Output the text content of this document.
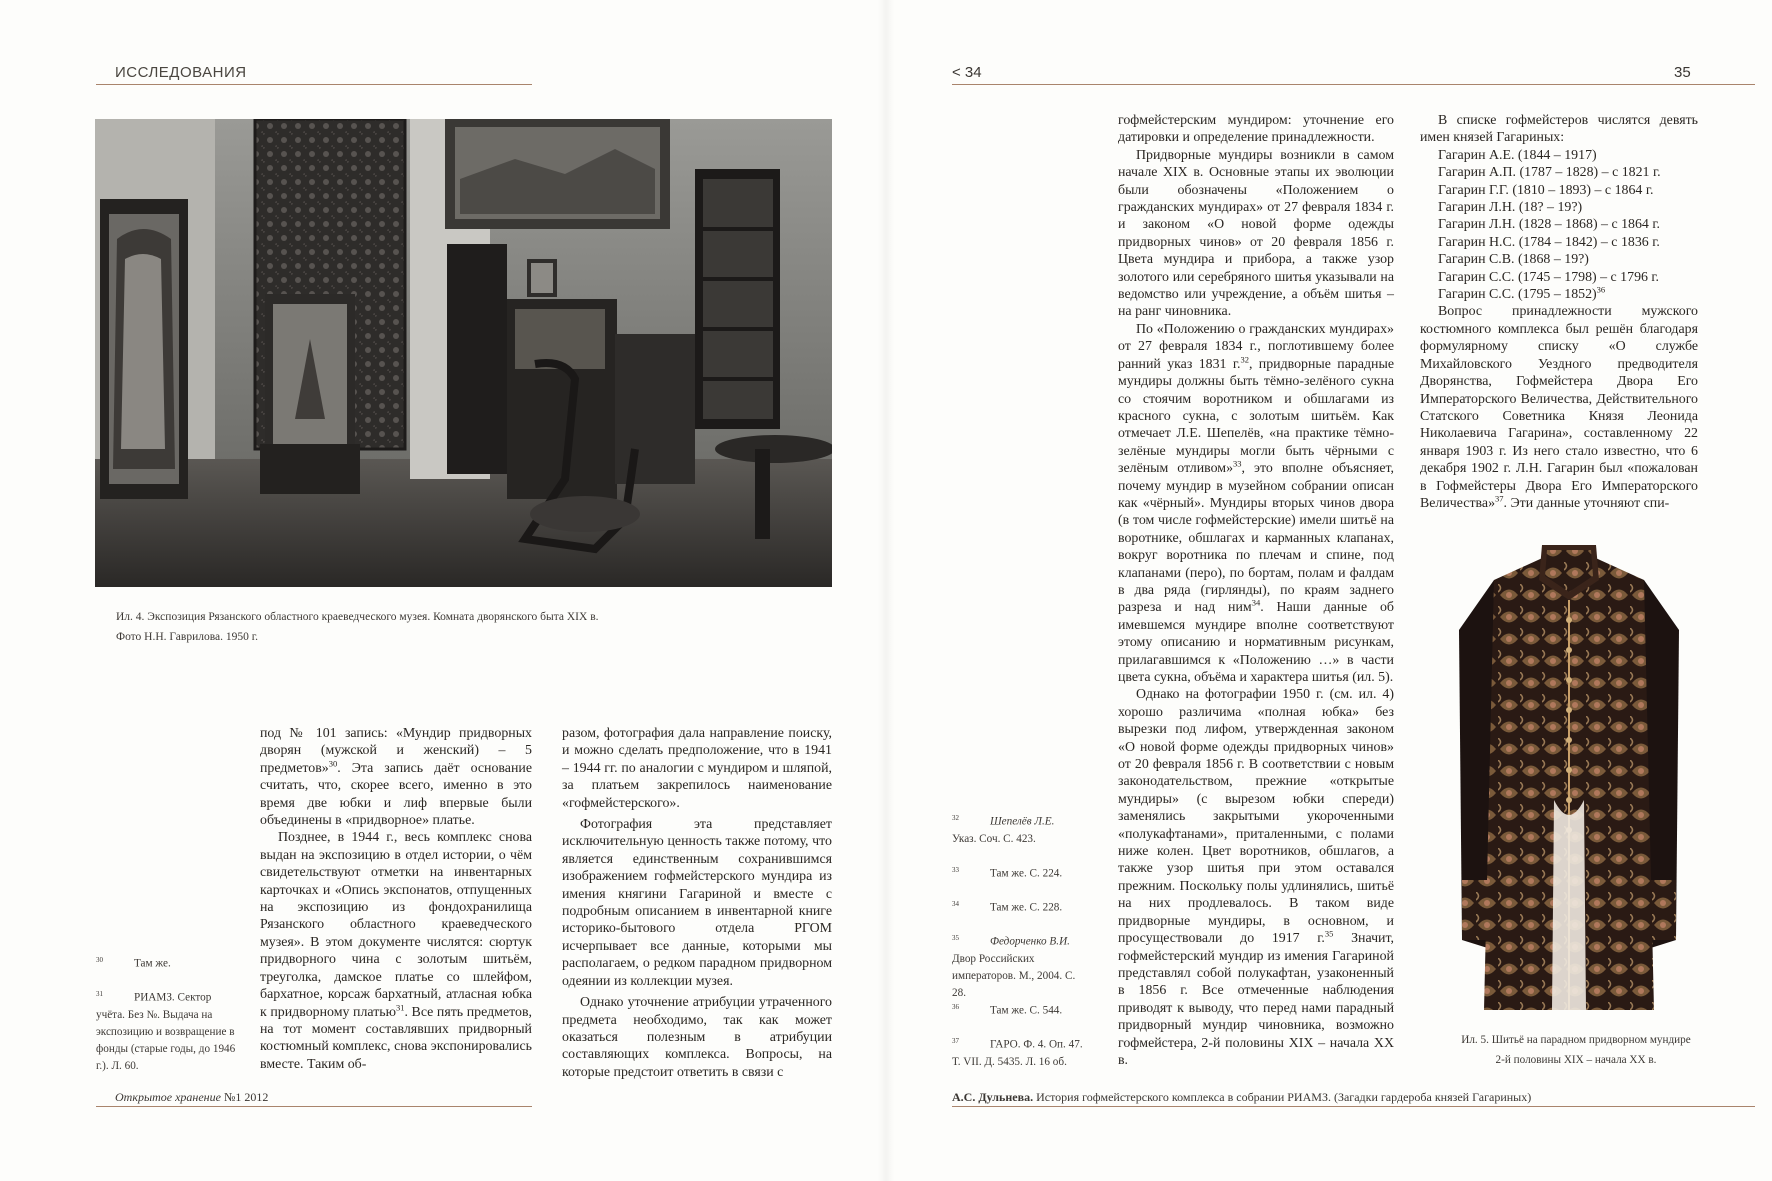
ИССЛЕДОВАНИЯ
Ил. 4. Экспозиция Рязанского областного краеведческого музея. Комната дворянского быта XIX в.
Фото Н.Н. Гаврилова. 1950 г.

под № 101 запись: «Мундир придворных дворян (мужской и женский) – 5 предметов»$^{30}$. Эта запись даёт основание считать, что, скорее всего, именно в это время две юбки и лиф впервые были объединены в «придворное» платье.

Позднее, в 1944 г., весь комплекс снова выдан на экспозицию в отдел истории, о чём свидетельствуют отметки на инвентарных карточках и «Опись экспонатов, отпущенных на экспозицию из фондохранилища Рязанского областного краеведческого музея». В этом документе числятся: сюртук придворного чина с золотым шитьём, треуголка, дамское платье со шлейфом, бархатное, корсаж бархатный, атласная юбка к придворному платью$^{31}$. Все пять предметов, на тот момент составлявших придворный костюмный комплекс, снова экспонировались вместе. Таким об-

разом, фотография дала направление поиску, и можно сделать предположение, что в 1941 – 1944 гг. по аналогии с мундиром и шляпой, за платьем закрепилось наименование «гофмейстерского».

Фотография эта представляет исключительную ценность также потому, что является единственным сохранившимся изображением гофмейстерского мундира из имения княгини Гагариной и вместе с подробным описанием в инвентарной книге историко-бытового отдела РГОМ исчерпывает все данные, которыми мы располагаем, о редком парадном придворном одеянии из коллекции музея.

Однако уточнение атрибуции утраченного предмета необходимо, так как может оказаться полезным в атрибуции составляющих комплекса. Вопросы, на которые предстоит ответить в связи с

30	Там же.
31	РИАМЗ. Сектор учёта. Без №. Выдача на экспозицию и возвращение в фонды (старые годы, до 1946 г.). Л. 60.
Открытое хранение №1 2012
< 34	35

гофмейстерским мундиром: уточнение его датировки и определение принадлежности.

Придворные мундиры возникли в самом начале XIX в. Основные этапы их эволюции были обозначены «Положением о гражданских мундирах» от 27 февраля 1834 г. и законом «О новой форме одежды придворных чинов» от 20 февраля 1856 г. Цвета мундира и прибора, а также узор золотого или серебряного шитья указывали на ведомство или учреждение, а объём шитья – на ранг чиновника.

По «Положению о гражданских мундирах» от 27 февраля 1834 г., поглотившему более ранний указ 1831 г.$^{32}$, придворные парадные мундиры должны быть тёмно-зелёного сукна со стоячим воротником и обшлагами из красного сукна, с золотым шитьём. Как отмечает Л.Е. Шепелёв, «на практике тёмно-зелёные мундиры могли быть чёрными с зелёным отливом»$^{33}$, это вполне объясняет, почему мундир в музейном собрании описан как «чёрный». Мундиры вторых чинов двора (в том числе гофмейстерские) имели шитьё на воротнике, обшлагах и карманных клапанах, вокруг воротника по плечам и спине, под клапанами (перо), по бортам, полам и фалдам в два ряда (гирлянды), по краям заднего разреза и над ним$^{34}$. Наши данные об имевшемся мундире вполне соответствуют этому описанию и нормативным рисункам, прилагавшимся к «Положению …» в части цвета сукна, объёма и характера шитья (ил. 5).

Однако на фотографии 1950 г. (см. ил. 4) хорошо различима «полная юбка» без вырезки под лифом, утвержденная законом «О новой форме одежды придворных чинов» от 20 февраля 1856 г. В соответствии с новым законодательством, прежние «открытые мундиры» (с вырезом юбки спереди) заменялись закрытыми укороченными «полукафтанами», приталенными, с полами ниже колен. Цвет воротников, обшлагов, а также узор шитья при этом оставался прежним. Поскольку полы удлинялись, шитьё на них продлевалось. В таком виде придворные мундиры, в основном, и просуществовали до 1917 г.$^{35}$ Значит, гофмейстерский мундир из имения Гагариной представлял собой полукафтан, узаконенный в 1856 г. Все отмеченные наблюдения приводят к выводу, что перед нами парадный придворный мундир чиновника, возможно гофмейстера, 2-й половины XIX – начала XX в.

В списке гофмейстеров числятся девять имен князей Гагариных:

Гагарин А.Е. (1844 – 1917)
Гагарин А.П. (1787 – 1828) – с 1821 г.
Гагарин Г.Г. (1810 – 1893) – с 1864 г.
Гагарин Л.Н. (18? – 19?)
Гагарин Л.Н. (1828 – 1868) – с 1864 г.
Гагарин Н.С. (1784 – 1842) – с 1836 г.
Гагарин С.В. (1868 – 19?)
Гагарин С.С. (1745 – 1798) – с 1796 г.
Гагарин С.С. (1795 – 1852)$^{36}$

Вопрос принадлежности мужского костюмного комплекса был решён благодаря формулярному списку «О службе Михайловского Уездного предводителя Дворянства, Гофмейстера Двора Его Императорского Величества, Действительного Статского Советника Князя Леонида Николаевича Гагарина», составленному 22 января 1903 г. Из него стало известно, что 6 декабря 1902 г. Л.Н. Гагарин был «пожалован в Гофмейстеры Двора Его Императорского Величества»$^{37}$. Эти данные уточняют спи-

Ил. 5. Шитьё на парадном придворном мундире
2-й половины XIX – начала XX в.
32	Шепелёв Л.Е.
Указ. Соч. С. 423.
33	Там же. С. 224.
34	Там же. С. 228.
35	Федорченко В.И.
Двор Российских императоров. М., 2004. С. 28.
36	Там же. С. 544.
37	ГАРО. Ф. 4. Оп. 47. Т. VII. Д. 5435. Л. 16 об.
А.С. Дульнева. История гофмейстерского комплекса в собрании РИАМЗ. (Загадки гардероба князей Гагариных)
